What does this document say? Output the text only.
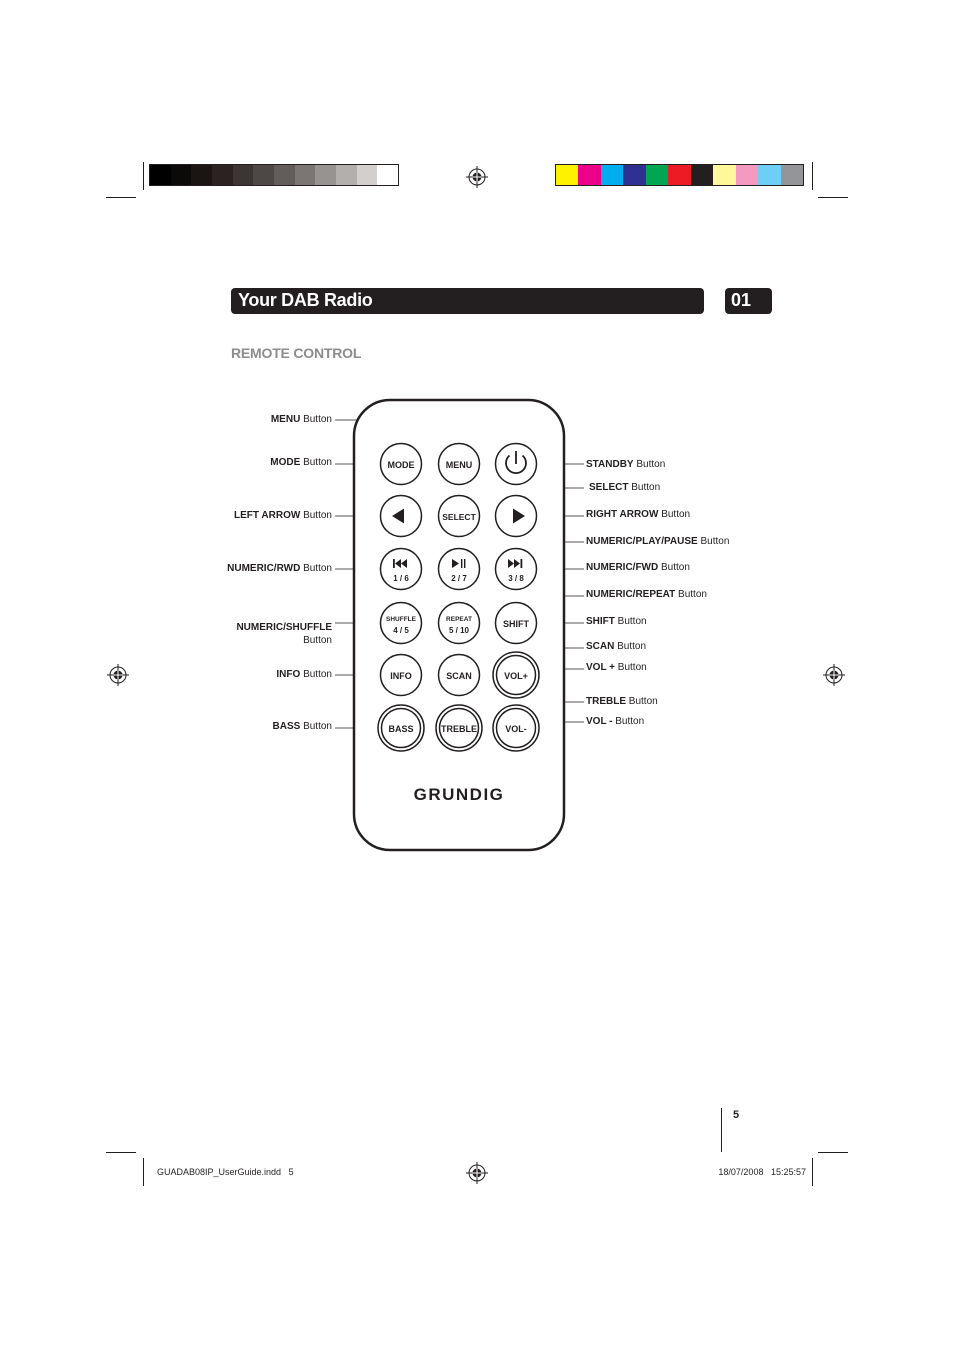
Your DAB Radio	01
REMOTE CONTROL
MODE	MENU
SELECT
1 / 6	2 / 7	3 / 8
SHUFFLE
4 / 5
REPEAT
5 / 10
SHIFT
INFO	SCAN	VOL+
BASS	TREBLE	VOL-
GRUNDIG
MENU Button
MODE Button
LEFT ARROW Button
NUMERIC/RWD Button
NUMERIC/SHUFFLE
Button
INFO Button
BASS Button
STANDBY Button
SELECT Button
RIGHT ARROW Button
NUMERIC/PLAY/PAUSE Button
NUMERIC/FWD Button
NUMERIC/REPEAT Button
SHIFT Button
SCAN Button
VOL + Button
TREBLE Button
VOL - Button
5
GUADAB08IP_UserGuide.indd   5	18/07/2008   15:25:57
